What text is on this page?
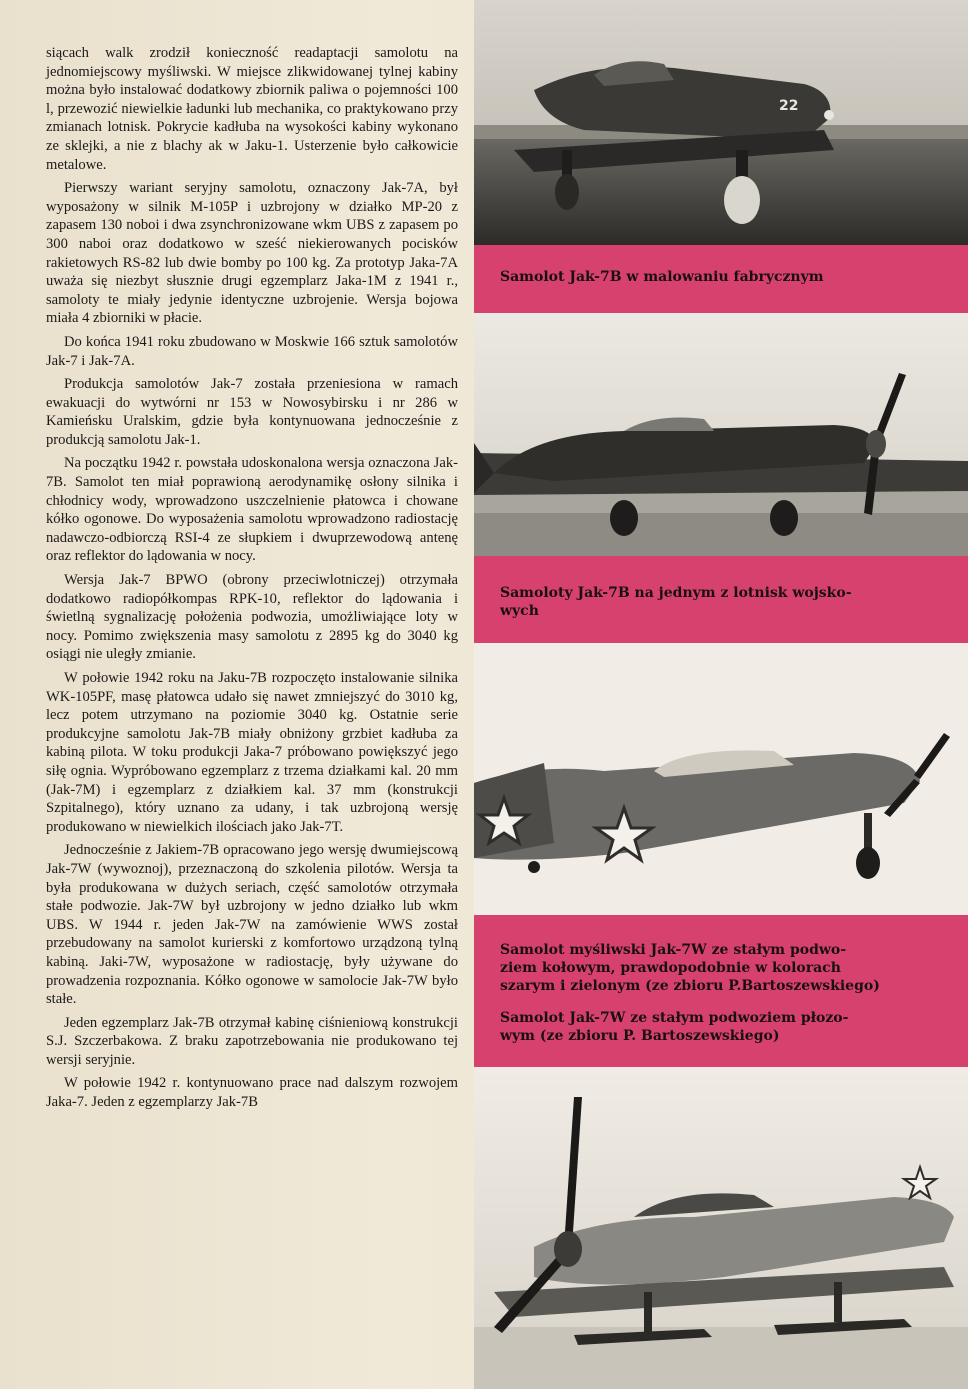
siącach walk zrodził konieczność readaptacji samolotu na jednomiejscowy myśliwski. W miejsce zlikwidowanej tylnej kabiny można było instalować dodatkowy zbiornik paliwa o pojemności 100 l, przewozić niewielkie ładunki lub mechanika, co praktykowano przy zmianach lotnisk. Pokrycie kadłuba na wysokości kabiny wykonano ze sklejki, a nie z blachy ak w Jaku-1. Usterzenie było całkowicie metalowe.

Pierwszy wariant seryjny samolotu, oznaczony Jak-7A, był wyposażony w silnik M-105P i uzbrojony w działko MP-20 z zapasem 130 noboi i dwa zsynchronizowane wkm UBS z zapasem po 300 naboi oraz dodatkowo w sześć niekierowanych pocisków rakietowych RS-82 lub dwie bomby po 100 kg. Za prototyp Jaka-7A uważa się niezbyt słusznie drugi egzemplarz Jaka-1M z 1941 r., samoloty te miały jedynie identyczne uzbrojenie. Wersja bojowa miała 4 zbiorniki w płacie.

Do końca 1941 roku zbudowano w Moskwie 166 sztuk samolotów Jak-7 i Jak-7A.

Produkcja samolotów Jak-7 została przeniesiona w ramach ewakuacji do wytwórni nr 153 w Nowosybirsku i nr 286 w Kamieńsku Uralskim, gdzie była kontynuowana jednocześnie z produkcją samolotu Jak-1.

Na początku 1942 r. powstała udoskonalona wersja oznaczona Jak-7B. Samolot ten miał poprawioną aerodynamikę osłony silnika i chłodnicy wody, wprowadzono uszczelnienie płatowca i chowane kółko ogonowe. Do wyposażenia samolotu wprowadzono radiostację nadawczo-odbiorczą RSI-4 ze słupkiem i dwuprzewodową antenę oraz reflektor do lądowania w nocy.

Wersja Jak-7 BPWO (obrony przeciwlotniczej) otrzymała dodatkowo radiopółkompas RPK-10, reflektor do lądowania i świetlną sygnalizację położenia podwozia, umożliwiające loty w nocy. Pomimo zwiększenia masy samolotu z 2895 kg do 3040 kg osiągi nie uległy zmianie.

W połowie 1942 roku na Jaku-7B rozpoczęto instalowanie silnika WK-105PF, masę płatowca udało się nawet zmniejszyć do 3010 kg, lecz potem utrzymano na poziomie 3040 kg. Ostatnie serie produkcyjne samolotu Jak-7B miały obniżony grzbiet kadłuba za kabiną pilota. W toku produkcji Jaka-7 próbowano powiększyć jego siłę ognia. Wypróbowano egzemplarz z trzema działkami kal. 20 mm (Jak-7M) i egzemplarz z działkiem kal. 37 mm (konstrukcji Szpitalnego), który uznano za udany, i tak uzbrojoną wersję produkowano w niewielkich ilościach jako Jak-7T.

Jednocześnie z Jakiem-7B opracowano jego wersję dwumiejscową Jak-7W (wywoznoj), przeznaczoną do szkolenia pilotów. Wersja ta była produkowana w dużych seriach, część samolotów otrzymała stałe podwozie. Jak-7W był uzbrojony w jedno działko lub wkm UBS. W 1944 r. jeden Jak-7W na zamówienie WWS został przebudowany na samolot kurierski z komfortowo urządzoną tylną kabiną. Jaki-7W, wyposażone w radiostację, były używane do prowadzenia rozpoznania. Kółko ogonowe w samolocie Jak-7W było stałe.

Jeden egzemplarz Jak-7B otrzymał kabinę ciśnieniową konstrukcji S.J. Szczerbakowa. Z braku zapotrzebowania nie produkowano tej wersji seryjnie.

W połowie 1942 r. kontynuowano prace nad dalszym rozwojem Jaka-7. Jeden z egzemplarzy Jak-7B

22
Samolot Jak-7B w malowaniu fabrycznym
Samoloty Jak-7B na jednym z lotnisk wojsko-
wych
Samolot myśliwski Jak-7W ze stałym podwo-
ziem kołowym, prawdopodobnie w kolorach
szarym i zielonym (ze zbioru P.Bartoszewskiego)
Samolot Jak-7W ze stałym podwoziem płozo-
wym (ze zbioru P. Bartoszewskiego)
